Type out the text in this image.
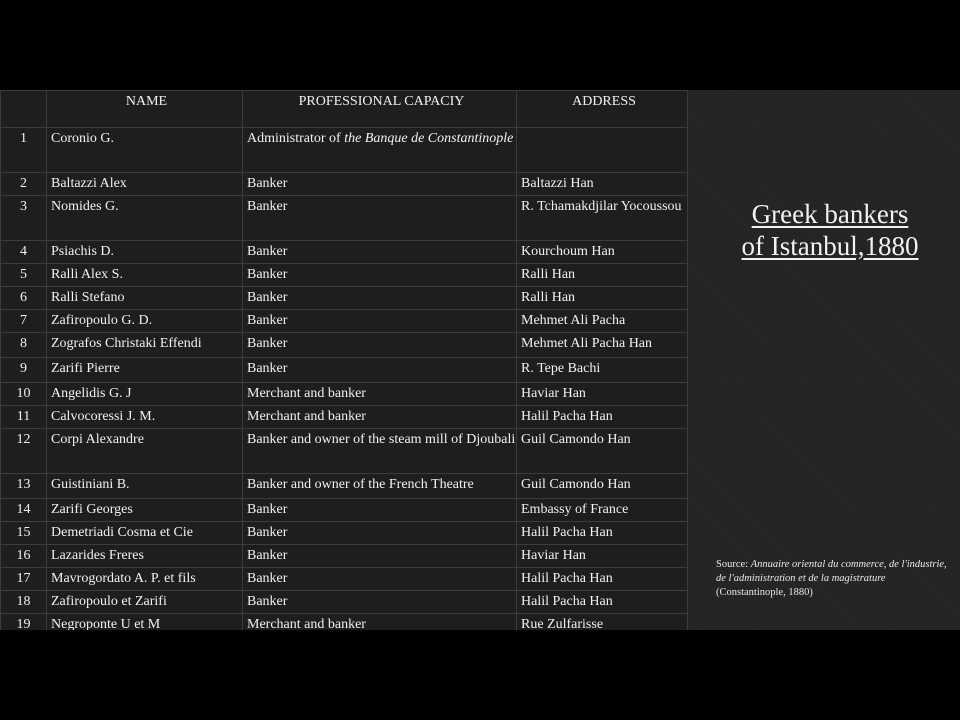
	NAME	PROFESSIONAL CAPACIY	ADDRESS
1	Coronio G.	Administrator of the Banque de Constantinople	
2	Baltazzi Alex	Banker	Baltazzi Han
3	Nomides G.	Banker	R. Tchamakdjilar Yocoussou
4	Psiachis D.	Banker	Kourchoum Han
5	Ralli Alex S.	Banker	Ralli Han
6	Ralli Stefano	Banker	Ralli Han
7	Zafiropoulo G. D.	Banker	Mehmet Ali Pacha
8	Zografos Christaki Effendi	Banker	Mehmet Ali Pacha Han
9	Zarifi Pierre	Banker	R. Tepe Bachi
10	Angelidis G. J	Merchant and banker	Haviar Han
11	Calvocoressi J. M.	Merchant and banker	Halil Pacha Han
12	Corpi Alexandre	Banker and owner of the steam mill of Djoubali	Guil Camondo Han
13	Guistiniani B.	Banker and owner of the French Theatre	Guil Camondo Han
14	Zarifi Georges	Banker	Embassy of France
15	Demetriadi Cosma et Cie	Banker	Halil Pacha Han
16	Lazarides Freres	Banker	Haviar Han
17	Mavrogordato A. P. et fils	Banker	Halil Pacha Han
18	Zafiropoulo et Zarifi	Banker	Halil Pacha Han
19	Negroponte U et M	Merchant and banker	Rue Zulfarisse
Greek bankers
of Istanbul,1880
Source: Annuaire oriental du commerce, de l'industrie, de l'administration et de la magistrature (Constantinople, 1880)
